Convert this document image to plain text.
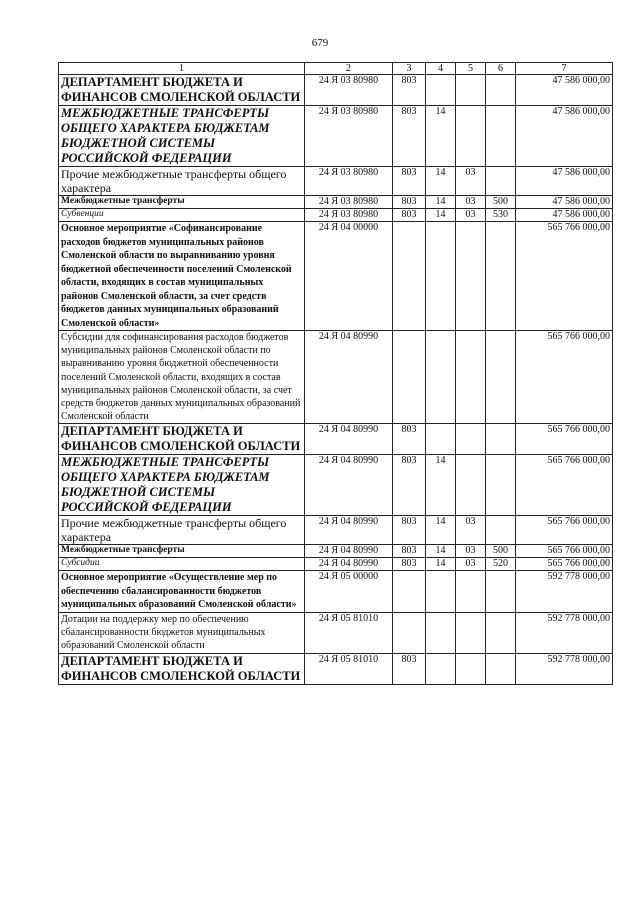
679
1	2	3	4	5	6	7
ДЕПАРТАМЕНТ БЮДЖЕТА И ФИНАНСОВ СМОЛЕНСКОЙ ОБЛАСТИ	24 Я 03 80980	803				47 586 000,00
МЕЖБЮДЖЕТНЫЕ ТРАНСФЕРТЫ ОБЩЕГО ХАРАКТЕРА БЮДЖЕТАМ БЮДЖЕТНОЙ СИСТЕМЫ РОССИЙСКОЙ ФЕДЕРАЦИИ	24 Я 03 80980	803	14			47 586 000,00
Прочие межбюджетные трансферты общего характера	24 Я 03 80980	803	14	03		47 586 000,00
Межбюджетные трансферты	24 Я 03 80980	803	14	03	500	47 586 000,00
Субвенции	24 Я 03 80980	803	14	03	530	47 586 000,00
Основное мероприятие «Софинансирование расходов бюджетов муниципальных районов Смоленской области по выравниванию уровня бюджетной обеспеченности поселений Смоленской области, входящих в состав муниципальных районов Смоленской области, за счет средств бюджетов данных муниципальных образований Смоленской области»	24 Я 04 00000					565 766 000,00
Субсидии для софинансирования расходов бюджетов муниципальных районов Смоленской области по выравниванию уровня бюджетной обеспеченности поселений Смоленской области, входящих в состав муниципальных районов Смоленской области, за счет средств бюджетов данных муниципальных образований Смоленской области	24 Я 04 80990					565 766 000,00
ДЕПАРТАМЕНТ БЮДЖЕТА И ФИНАНСОВ СМОЛЕНСКОЙ ОБЛАСТИ	24 Я 04 80990	803				565 766 000,00
МЕЖБЮДЖЕТНЫЕ ТРАНСФЕРТЫ ОБЩЕГО ХАРАКТЕРА БЮДЖЕТАМ БЮДЖЕТНОЙ СИСТЕМЫ РОССИЙСКОЙ ФЕДЕРАЦИИ	24 Я 04 80990	803	14			565 766 000,00
Прочие межбюджетные трансферты общего характера	24 Я 04 80990	803	14	03		565 766 000,00
Межбюджетные трансферты	24 Я 04 80990	803	14	03	500	565 766 000,00
Субсидии	24 Я 04 80990	803	14	03	520	565 766 000,00
Основное мероприятие «Осуществление мер по обеспечению сбалансированности бюджетов муниципальных образований Смоленской области»	24 Я 05 00000					592 778 000,00
Дотации на поддержку мер по обеспечению сбалансированности бюджетов муниципальных образований Смоленской области	24 Я 05 81010					592 778 000,00
ДЕПАРТАМЕНТ БЮДЖЕТА И ФИНАНСОВ СМОЛЕНСКОЙ ОБЛАСТИ	24 Я 05 81010	803				592 778 000,00
